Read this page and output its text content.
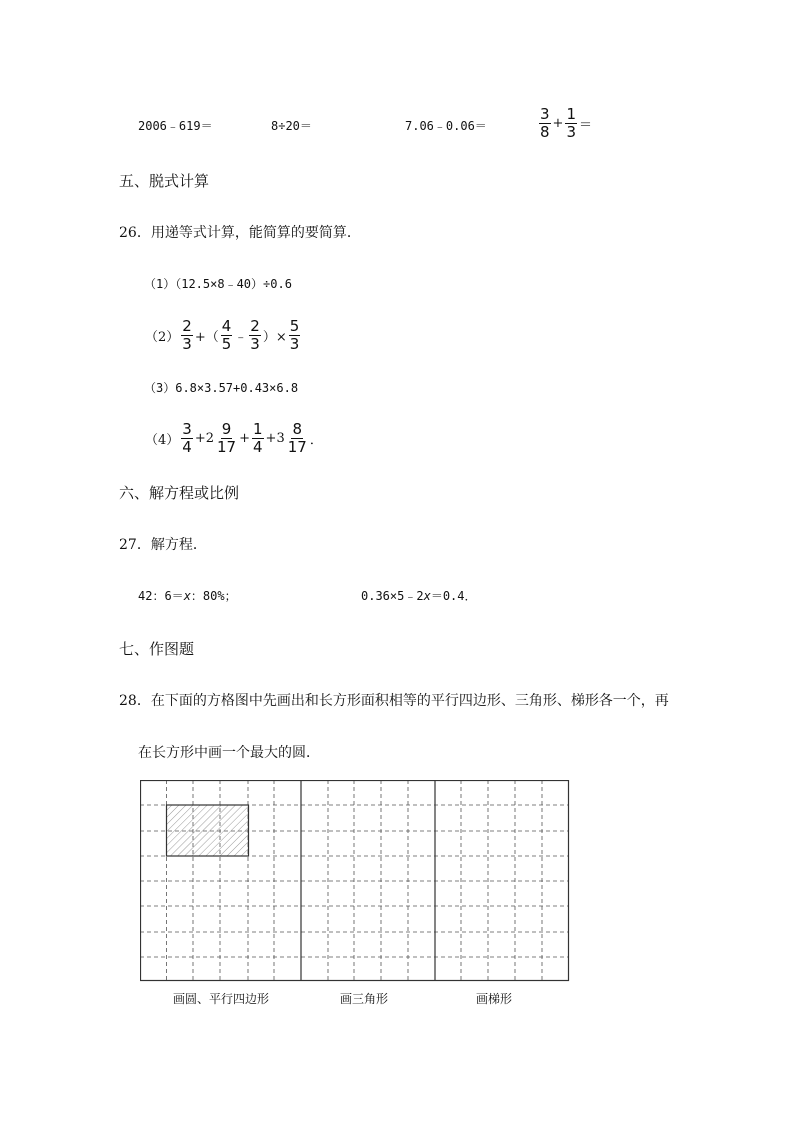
2006﹣619＝	8÷20＝	7.06﹣0.06＝	$\frac{3}{8} + \frac{1}{3}$ ＝
五、脱式计算
26．用递等式计算，能简算的要简算．
（1）（12.5×8﹣40）÷0.6
$(2) \frac{2}{3}$ +（ $\frac{4}{5}$ ﹣ $\frac{2}{3}$ ）× $\frac{5}{3}$
（3）6.8×3.57+0.43×6.8
$(4) \frac{3}{4} +2 \frac{9}{17} + \frac{1}{4} +3 \frac{8}{17}$ ．
六、解方程或比例
27．解方程．
42：6＝x：80%；	0.36×5﹣2x＝0.4．
七、作图题
28．在下面的方格图中先画出和长方形面积相等的平行四边形、三角形、梯形各一个，再
在长方形中画一个最大的圆．
画圆、平行四边形	画三角形	画梯形
